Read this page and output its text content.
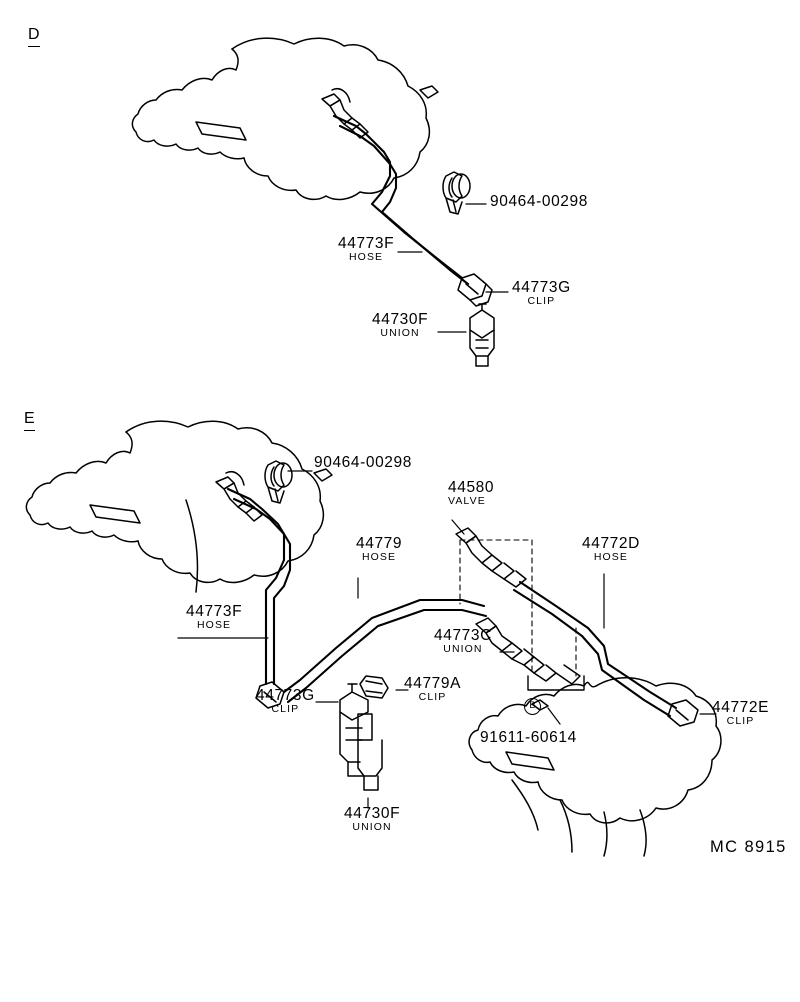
D
E
90464-00298
44773F
HOSE
44773G
CLIP
44730F
UNION
90464-00298
44580
VALVE
44779
HOSE
44772D
HOSE
44773F
HOSE
44773C
UNION
44773G
CLIP
44779A
CLIP
44772E
CLIP
B
91611-60614
44730F
UNION
MC 8915
